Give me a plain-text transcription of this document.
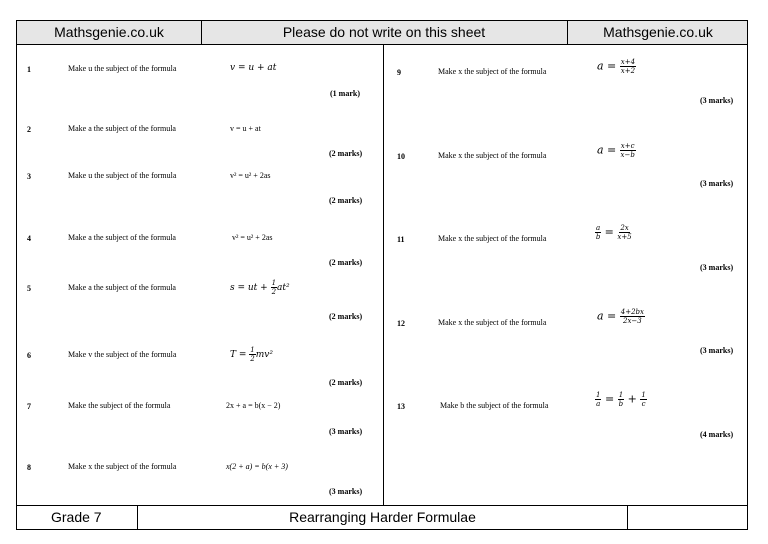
Mathsgenie.co.uk	Please do not write on this sheet	Mathsgenie.co.uk
1	Make u the subject of the formula	v = u + at
(1 mark)
2	Make a the subject of the formula	v = u + at
(2 marks)
3	Make u the subject of the formula	v² = u² + 2as
(2 marks)
4	Make a the subject of the formula	v² = u² + 2as
(2 marks)
5	Make a the subject of the formula	s = ut + $\frac{1}{2} at^2$
(2 marks)
6	Make v the subject of the formula	$T = \frac{1}{2} mv^2$
(2 marks)
7	Make the subject of the formula	2x + a = b(x − 2)
(3 marks)
8	Make x the subject of the formula	x(2 + a) = b(x + 3)
(3 marks)
9	Make x the subject of the formula	$a = \frac{x+4}{x+2}$
(3 marks)
10	Make x the subject of the formula	$a = \frac{x+c}{x-b}$
(3 marks)
11	Make x the subject of the formula	$\frac{a}{b} = \frac{2x}{x+5}$
(3 marks)
12	Make x the subject of the formula	$a = \frac{4+2bx}{2x-3}$
(3 marks)
13	Make b the subject of the formula	$\frac{1}{a} = \frac{1}{b} + \frac{1}{c}$
(4 marks)
Grade 7	Rearranging Harder Formulae
